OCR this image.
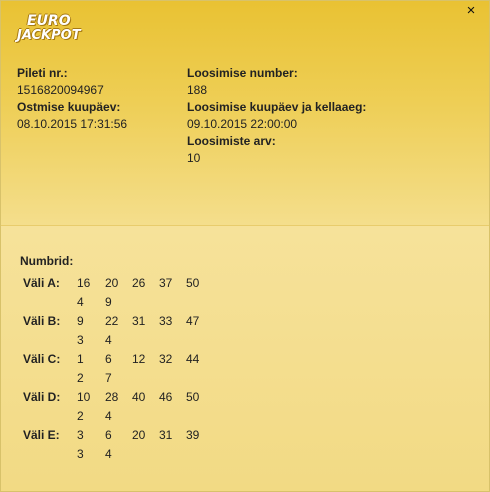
EURO
JACKPOT
×
Pileti nr.:
1516820094967
Ostmise kuupäev:
08.10.2015 17:31:56
Loosimise number:
188
Loosimise kuupäev ja kellaaeg:
09.10.2015 22:00:00
Loosimiste arv:
10
Numbrid:
Väli A:	16	20	26	37	50
4	9
Väli B:	9	22	31	33	47
3	4
Väli C:	1	6	12	32	44
2	7
Väli D:	10	28	40	46	50
2	4
Väli E:	3	6	20	31	39
3	4
